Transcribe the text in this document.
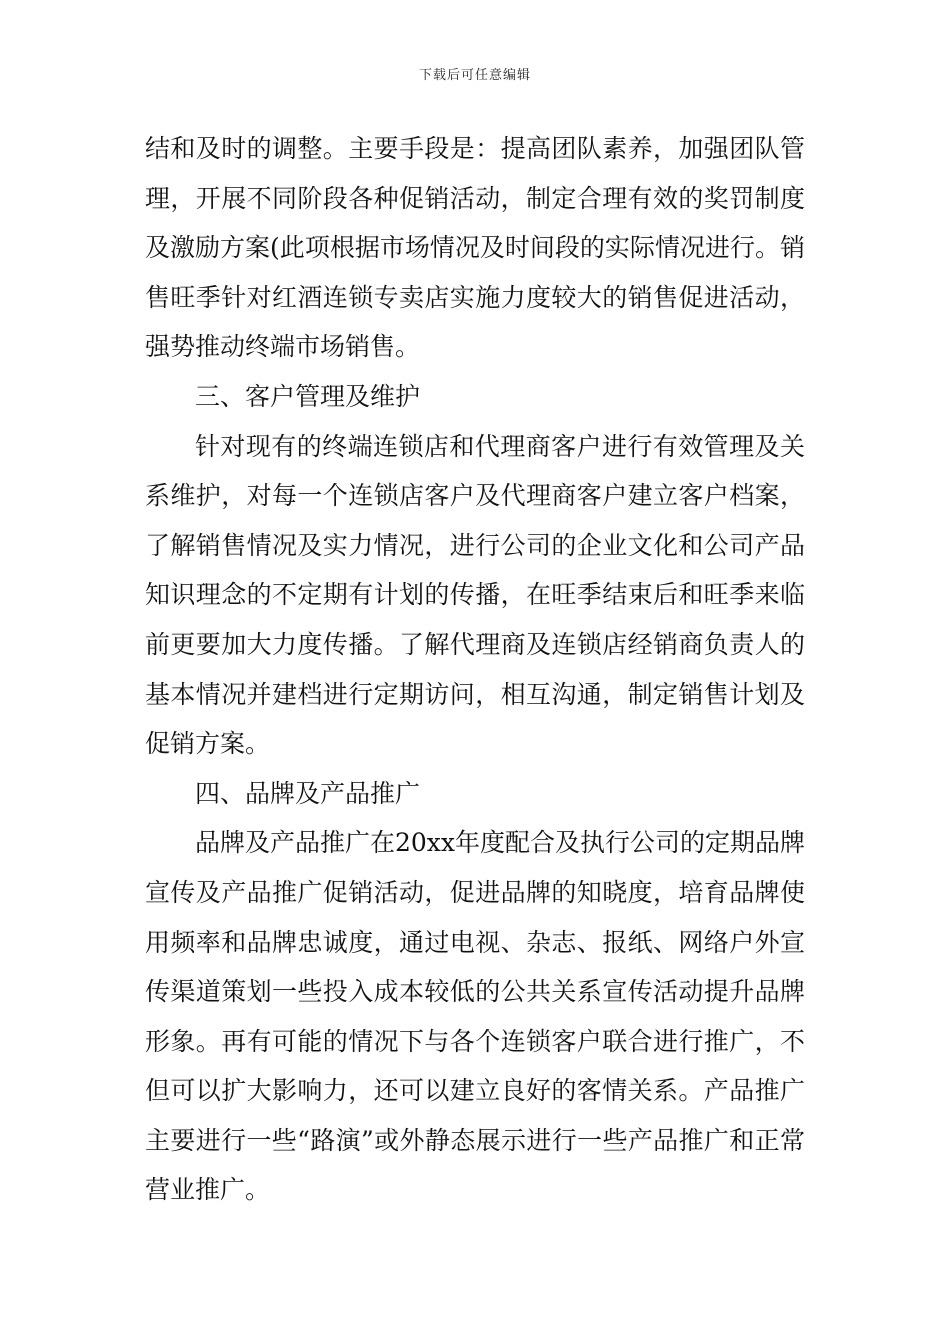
下载后可任意编辑

结和及时的调整。主要手段是：提高团队素养，加强团队管理，开展不同阶段各种促销活动，制定合理有效的奖罚制度及激励方案(此项根据市场情况及时间段的实际情况进行。销售旺季针对红酒连锁专卖店实施力度较大的销售促进活动，强势推动终端市场销售。

三、客户管理及维护

针对现有的终端连锁店和代理商客户进行有效管理及关系维护，对每一个连锁店客户及代理商客户建立客户档案，了解销售情况及实力情况，进行公司的企业文化和公司产品知识理念的不定期有计划的传播，在旺季结束后和旺季来临前更要加大力度传播。了解代理商及连锁店经销商负责人的基本情况并建档进行定期访问，相互沟通，制定销售计划及促销方案。

四、品牌及产品推广

品牌及产品推广在20xx年度配合及执行公司的定期品牌宣传及产品推广促销活动，促进品牌的知晓度，培育品牌使用频率和品牌忠诚度，通过电视、杂志、报纸、网络户外宣传渠道策划一些投入成本较低的公共关系宣传活动提升品牌形象。再有可能的情况下与各个连锁客户联合进行推广，不但可以扩大影响力，还可以建立良好的客情关系。产品推广主要进行一些“路演”或外静态展示进行一些产品推广和正常营业推广。
